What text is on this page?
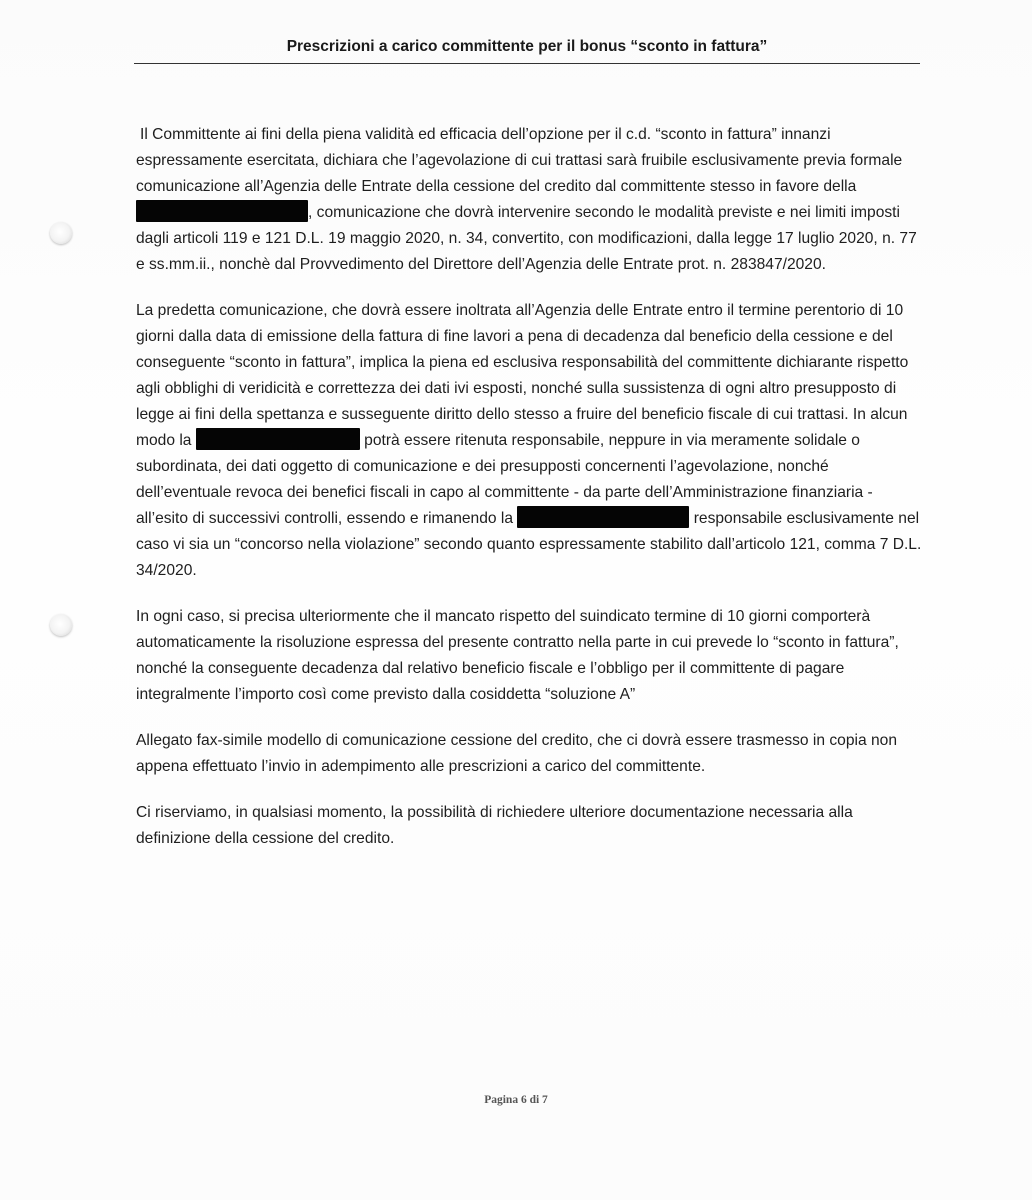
Prescrizioni a carico committente per il bonus “sconto in fattura”

Il Committente ai fini della piena validità ed efficacia dell’opzione per il c.d. “sconto in fattura” innanzi espressamente esercitata, dichiara che l’agevolazione di cui trattasi sarà fruibile esclusivamente previa formale comunicazione all’Agenzia delle Entrate della cessione del credito dal committente stesso in favore della , comunicazione che dovrà intervenire secondo le modalità previste e nei limiti imposti dagli articoli 119 e 121 D.L. 19 maggio 2020, n. 34, convertito, con modificazioni, dalla legge 17 luglio 2020, n. 77 e ss.mm.ii., nonchè dal Provvedimento del Direttore dell’Agenzia delle Entrate prot. n. 283847/2020.

La predetta comunicazione, che dovrà essere inoltrata all’Agenzia delle Entrate entro il termine perentorio di 10 giorni dalla data di emissione della fattura di fine lavori a pena di decadenza dal beneficio della cessione e del conseguente “sconto in fattura”, implica la piena ed esclusiva responsabilità del committente dichiarante rispetto agli obblighi di veridicità e correttezza dei dati ivi esposti, nonché sulla sussistenza di ogni altro presupposto di legge ai fini della spettanza e susseguente diritto dello stesso a fruire del beneficio fiscale di cui trattasi. In alcun modo la	potrà essere ritenuta responsabile, neppure in via meramente solidale o subordinata, dei dati oggetto di comunicazione e dei presupposti concernenti l’agevolazione, nonché dell’eventuale revoca dei benefici fiscali in capo al committente - da parte dell’Amministrazione finanziaria - all’esito di successivi controlli, essendo e rimanendo la	responsabile esclusivamente nel caso vi sia un “concorso nella violazione” secondo quanto espressamente stabilito dall’articolo 121, comma 7 D.L. 34/2020.

In ogni caso, si precisa ulteriormente che il mancato rispetto del suindicato termine di 10 giorni comporterà automaticamente la risoluzione espressa del presente contratto nella parte in cui prevede lo “sconto in fattura”, nonché la conseguente decadenza dal relativo beneficio fiscale e l’obbligo per il committente di pagare integralmente l’importo così come previsto dalla cosiddetta “soluzione A”

Allegato fax-simile modello di comunicazione cessione del credito, che ci dovrà essere trasmesso in copia non appena effettuato l’invio in adempimento alle prescrizioni a carico del committente.

Ci riserviamo, in qualsiasi momento, la possibilità di richiedere ulteriore documentazione necessaria alla definizione della cessione del credito.

Pagina 6 di 7
